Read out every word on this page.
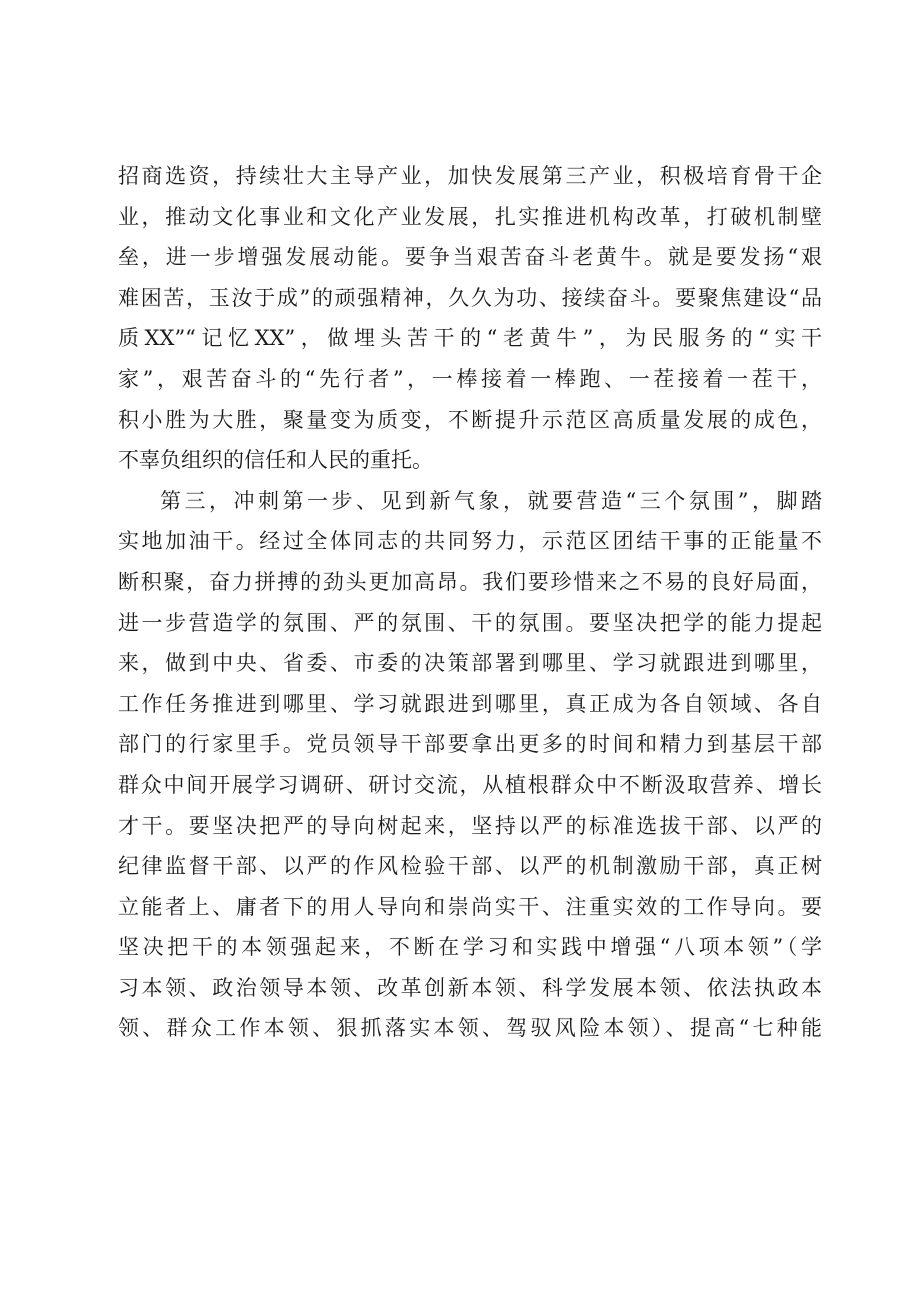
招商选资，持续壮大主导产业，加快发展第三产业，积极培育骨干企
业，推动文化事业和文化产业发展，扎实推进机构改革，打破机制壁
垒，进一步增强发展动能。要争当艰苦奋斗老黄牛。就是要发扬“艰
难困苦，玉汝于成”的顽强精神，久久为功、接续奋斗。要聚焦建设“品
质XX”“记忆XX”，做埋头苦干的“老黄牛”，为民服务的“实干
家”，艰苦奋斗的“先行者”，一棒接着一棒跑、一茬接着一茬干，
积小胜为大胜，聚量变为质变，不断提升示范区高质量发展的成色，
不辜负组织的信任和人民的重托。
第三，冲刺第一步、见到新气象，就要营造“三个氛围”，脚踏
实地加油干。经过全体同志的共同努力，示范区团结干事的正能量不
断积聚，奋力拼搏的劲头更加高昂。我们要珍惜来之不易的良好局面，
进一步营造学的氛围、严的氛围、干的氛围。要坚决把学的能力提起
来，做到中央、省委、市委的决策部署到哪里、学习就跟进到哪里，
工作任务推进到哪里、学习就跟进到哪里，真正成为各自领域、各自
部门的行家里手。党员领导干部要拿出更多的时间和精力到基层干部
群众中间开展学习调研、研讨交流，从植根群众中不断汲取营养、增长
才干。要坚决把严的导向树起来，坚持以严的标准选拔干部、以严的
纪律监督干部、以严的作风检验干部、以严的机制激励干部，真正树
立能者上、庸者下的用人导向和崇尚实干、注重实效的工作导向。要
坚决把干的本领强起来，不断在学习和实践中增强“八项本领”（学
习本领、政治领导本领、改革创新本领、科学发展本领、依法执政本
领、群众工作本领、狠抓落实本领、驾驭风险本领）、提高“七种能
